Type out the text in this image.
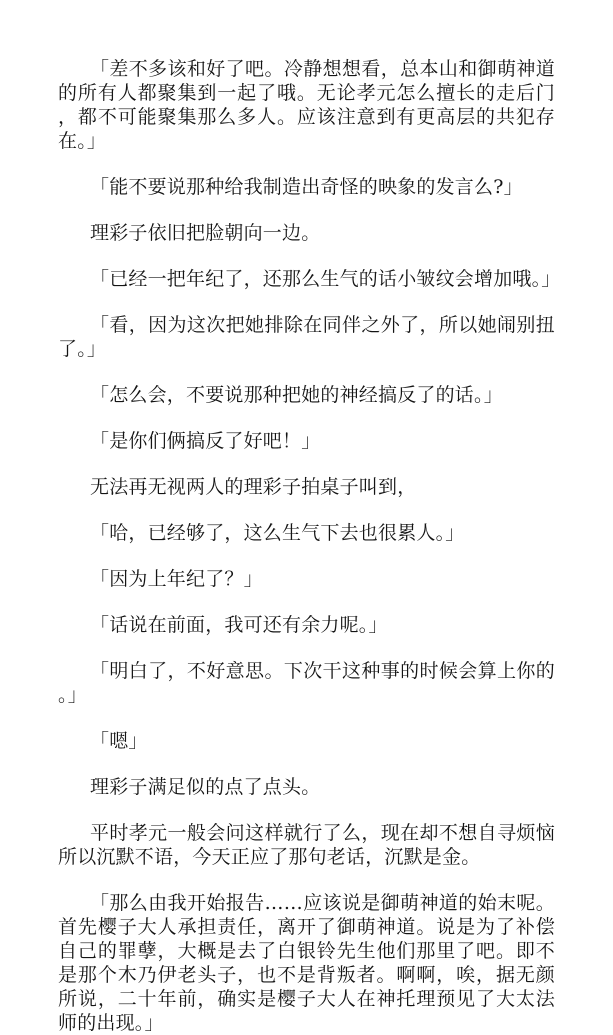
「差不多该和好了吧。冷静想想看，总本山和御萌神道的所有人都聚集到一起了哦。无论孝元怎么擅长的走后门，都不可能聚集那么多人。应该注意到有更高层的共犯存在。」

「能不要说那种给我制造出奇怪的映象的发言么?」

理彩子依旧把脸朝向一边。

「已经一把年纪了，还那么生气的话小皱纹会增加哦。」

「看，因为这次把她排除在同伴之外了，所以她闹别扭了。」

「怎么会，不要说那种把她的神经搞反了的话。」

「是你们俩搞反了好吧！」

无法再无视两人的理彩子拍桌子叫到，

「哈，已经够了，这么生气下去也很累人。」

「因为上年纪了？」

「话说在前面，我可还有余力呢。」

「明白了，不好意思。下次干这种事的时候会算上你的。」

「嗯」

理彩子满足似的点了点头。

平时孝元一般会问这样就行了么，现在却不想自寻烦恼所以沉默不语，今天正应了那句老话，沉默是金。

「那么由我开始报告……应该说是御萌神道的始末呢。首先樱子大人承担责任，离开了御萌神道。说是为了补偿自己的罪孽，大概是去了白银铃先生他们那里了吧。即不是那个木乃伊老头子，也不是背叛者。啊啊，唉，据无颜所说，二十年前，确实是樱子大人在神托理预见了大太法师的出现。」
